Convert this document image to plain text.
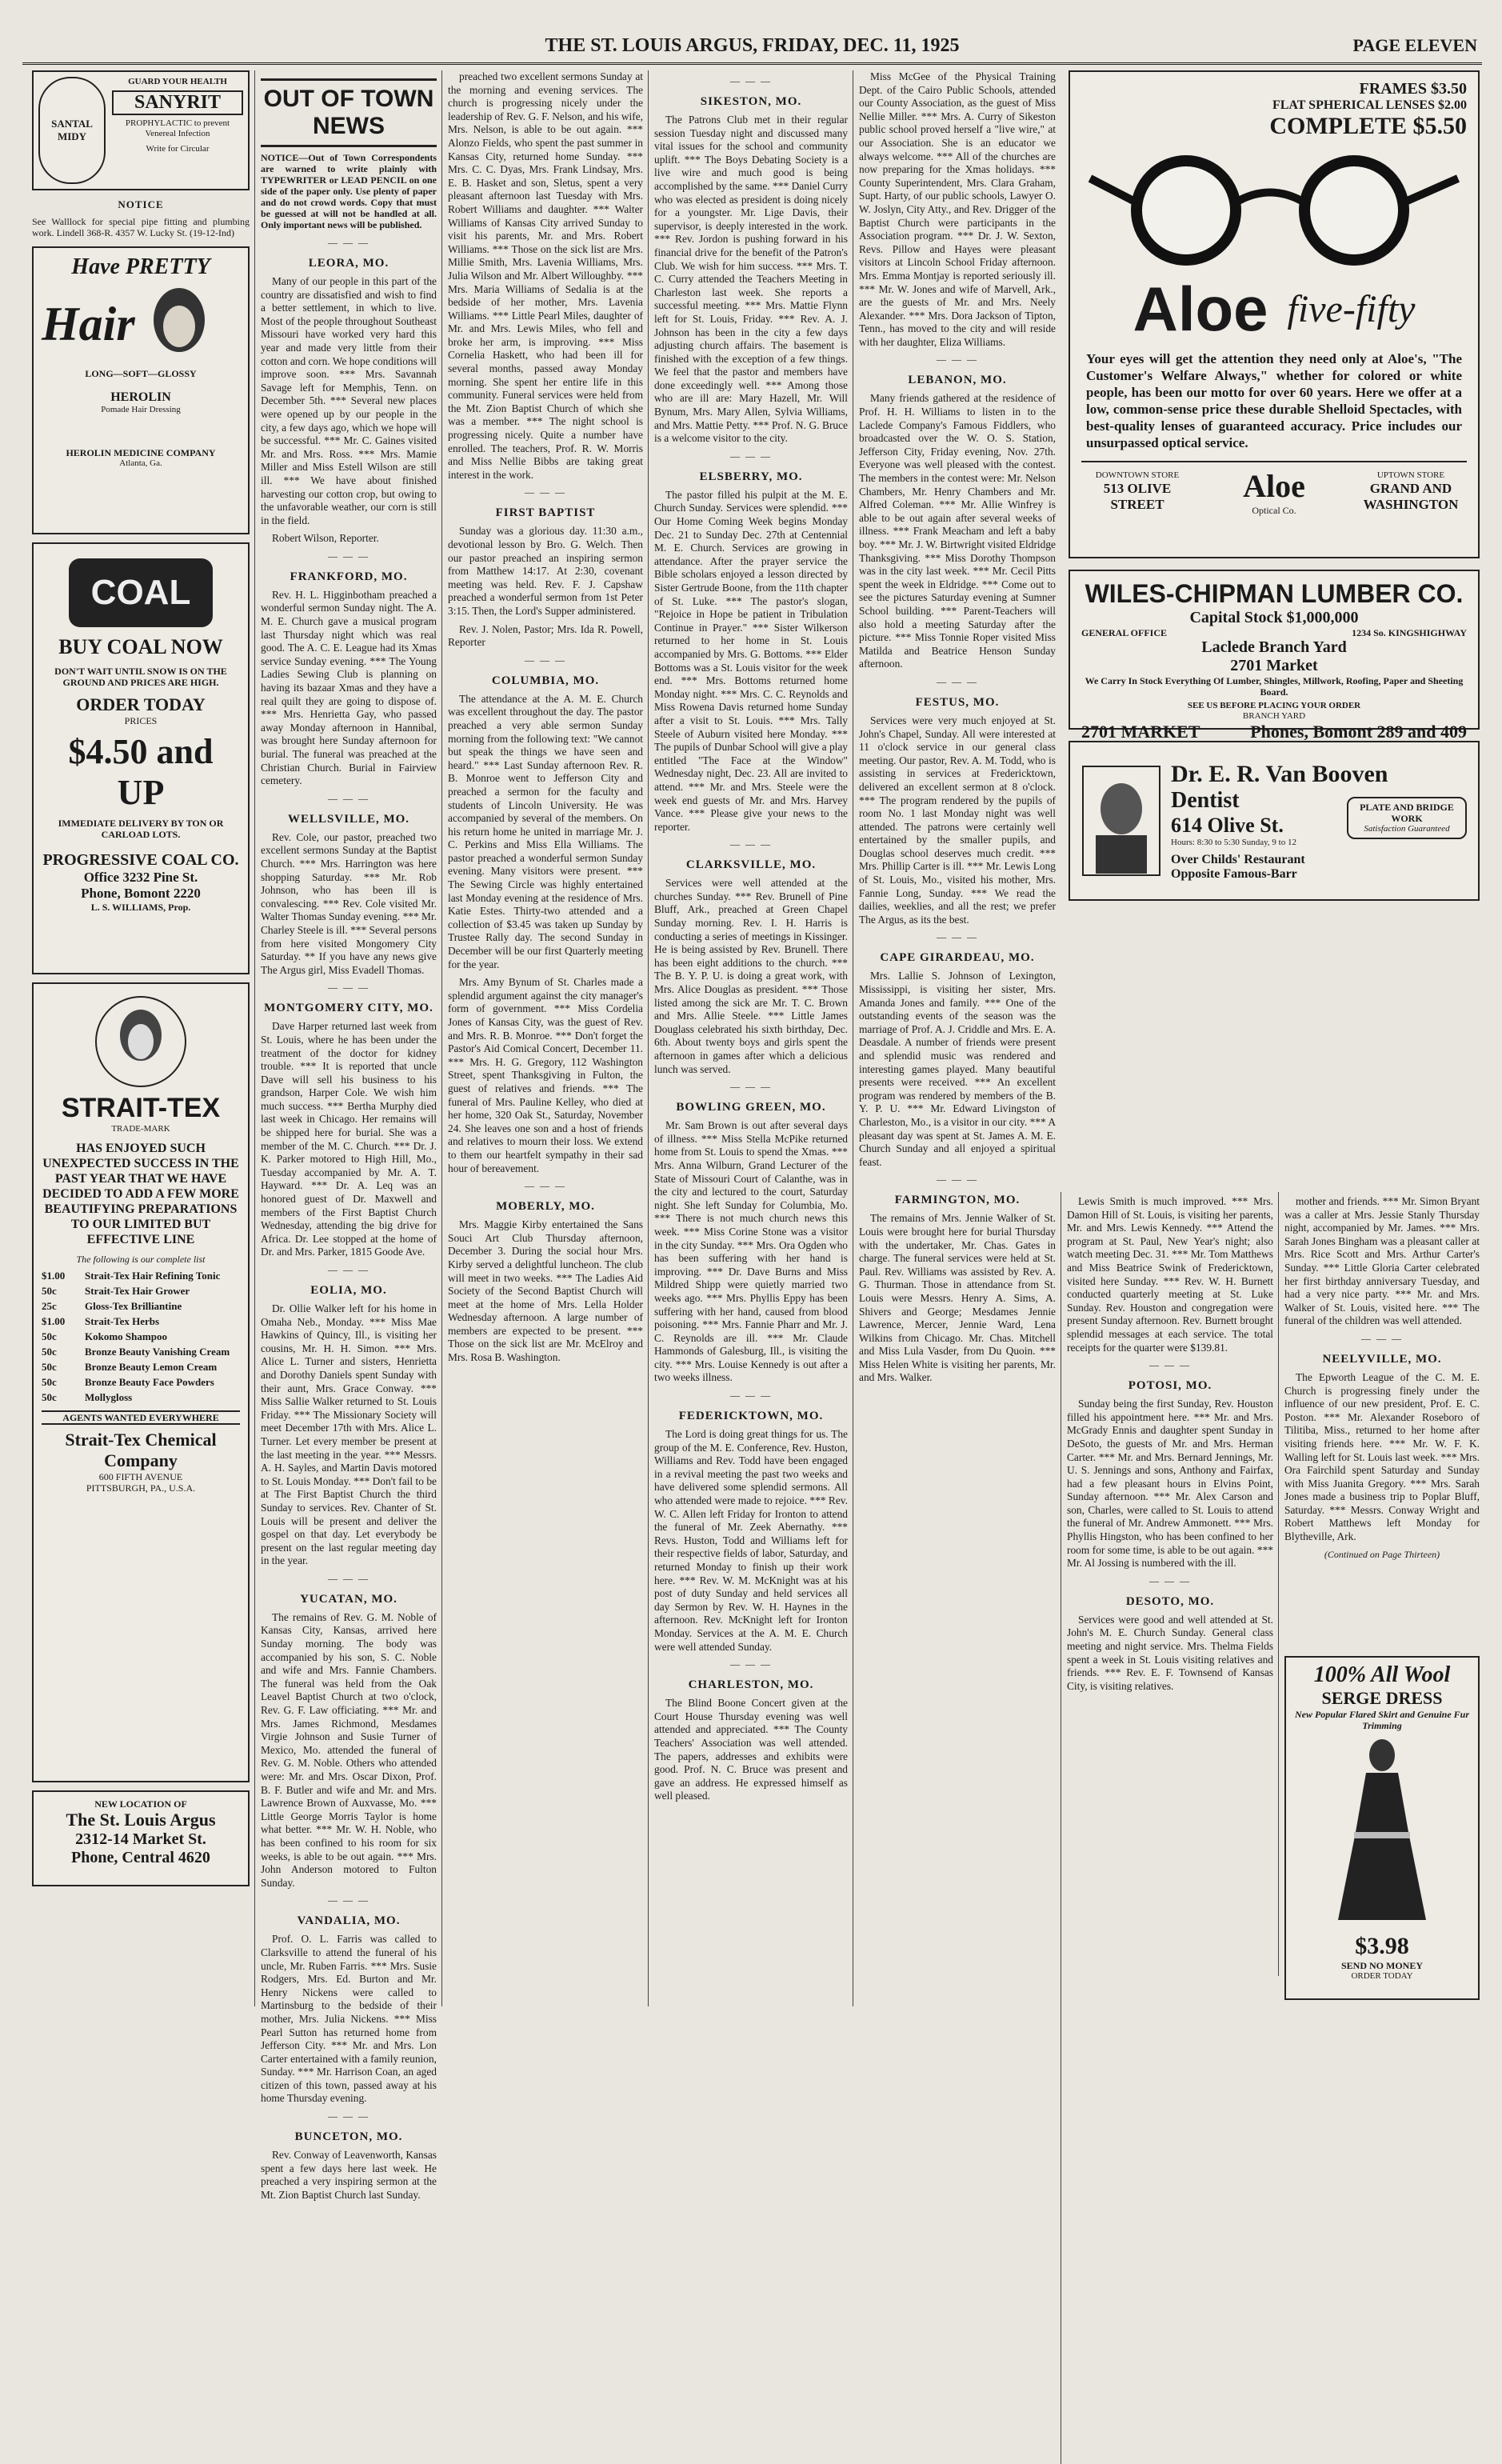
THE ST. LOUIS ARGUS, FRIDAY, DEC. 11, 1925	PAGE ELEVEN
SANTAL MIDY
GUARD YOUR HEALTH
SANYRIT
PROPHYLACTIC to prevent Venereal Infection
Write for Circular
NOTICE
See Walllock for special pipe fitting and plumbing work. Lindell 368-R. 4357 W. Lucky St. (19-12-Ind)
Have PRETTY
Hair
LONG—SOFT—GLOSSY
HEROLIN
Pomade Hair Dressing
HEROLIN MEDICINE COMPANY
Atlanta, Ga.
COAL
BUY COAL NOW
DON'T WAIT UNTIL SNOW IS ON THE GROUND AND PRICES ARE HIGH.
ORDER TODAY
PRICES
$4.50 and UP
IMMEDIATE DELIVERY BY TON OR CARLOAD LOTS.
PROGRESSIVE COAL CO.
Office 3232 Pine St.
Phone, Bomont 2220
L. S. WILLIAMS, Prop.
STRAIT-TEX
TRADE-MARK
HAS ENJOYED SUCH UNEXPECTED SUCCESS IN THE PAST YEAR THAT WE HAVE DECIDED TO ADD A FEW MORE BEAUTIFYING PREPARATIONS TO OUR LIMITED BUT EFFECTIVE LINE
The following is our complete list
$1.00	Strait-Tex Hair Refining Tonic
50c	Strait-Tex Hair Grower
25c	Gloss-Tex Brilliantine
$1.00	Strait-Tex Herbs
50c	Kokomo Shampoo
50c	Bronze Beauty Vanishing Cream
50c	Bronze Beauty Lemon Cream
50c	Bronze Beauty Face Powders
50c	Mollygloss
AGENTS WANTED EVERYWHERE
Strait-Tex Chemical Company
600 FIFTH AVENUE
PITTSBURGH, PA., U.S.A.
NEW LOCATION OF
The St. Louis Argus
2312-14 Market St.
Phone, Central 4620
OUT OF TOWN NEWS
NOTICE—Out of Town Correspondents are warned to write plainly with TYPEWRITER or LEAD PENCIL on one side of the paper only. Use plenty of paper and do not crowd words. Copy that must be guessed at will not be handled at all. Only important news will be published.
— — —
LEORA, MO.

Many of our people in this part of the country are dissatisfied and wish to find a better settlement, in which to live. Most of the people throughout Southeast Missouri have worked very hard this year and made very little from their cotton and corn. We hope conditions will improve soon. *** Mrs. Savannah Savage left for Memphis, Tenn. on December 5th. *** Several new places were opened up by our people in the city, a few days ago, which we hope will be successful. *** Mr. C. Gaines visited Mr. and Mrs. Ross. *** Mrs. Mamie Miller and Miss Estell Wilson are still ill. *** We have about finished harvesting our cotton crop, but owing to the unfavorable weather, our corn is still in the field.

Robert Wilson, Reporter.

— — —
FRANKFORD, MO.

Rev. H. L. Higginbotham preached a wonderful sermon Sunday night. The A. M. E. Church gave a musical program last Thursday night which was real good. The A. C. E. League had its Xmas service Sunday evening. *** The Young Ladies Sewing Club is planning on having its bazaar Xmas and they have a real quilt they are going to dispose of. *** Mrs. Henrietta Gay, who passed away Monday afternoon in Hannibal, was brought here Sunday afternoon for burial. The funeral was preached at the Christian Church. Burial in Fairview cemetery.

— — —
WELLSVILLE, MO.

Rev. Cole, our pastor, preached two excellent sermons Sunday at the Baptist Church. *** Mrs. Harrington was here shopping Saturday. *** Mr. Rob Johnson, who has been ill is convalescing. *** Rev. Cole visited Mr. Walter Thomas Sunday evening. *** Mr. Charley Steele is ill. *** Several persons from here visited Mongomery City Saturday. ** If you have any news give The Argus girl, Miss Evadell Thomas.

— — —
MONTGOMERY CITY, MO.

Dave Harper returned last week from St. Louis, where he has been under the treatment of the doctor for kidney trouble. *** It is reported that uncle Dave will sell his business to his grandson, Harper Cole. We wish him much success. *** Bertha Murphy died last week in Chicago. Her remains will be shipped here for burial. She was a member of the M. C. Church. *** Dr. J. K. Parker motored to High Hill, Mo., Tuesday accompanied by Mr. A. T. Hayward. *** Dr. A. Leq was an honored guest of Dr. Maxwell and members of the First Baptist Church Wednesday, attending the big drive for Africa. Dr. Lee stopped at the home of Dr. and Mrs. Parker, 1815 Goode Ave.

— — —
EOLIA, MO.

Dr. Ollie Walker left for his home in Omaha Neb., Monday. *** Miss Mae Hawkins of Quincy, Ill., is visiting her cousins, Mr. H. H. Simon. *** Mrs. Alice L. Turner and sisters, Henrietta and Dorothy Daniels spent Sunday with their aunt, Mrs. Grace Conway. *** Miss Sallie Walker returned to St. Louis Friday. *** The Missionary Society will meet December 17th with Mrs. Alice L. Turner. Let every member be present at the last meeting in the year. *** Messrs. A. H. Sayles, and Martin Davis motored to St. Louis Monday. *** Don't fail to be at The First Baptist Church the third Sunday to services. Rev. Chanter of St. Louis will be present and deliver the gospel on that day. Let everybody be present on the last regular meeting day in the year.

— — —
YUCATAN, MO.

The remains of Rev. G. M. Noble of Kansas City, Kansas, arrived here Sunday morning. The body was accompanied by his son, S. C. Noble and wife and Mrs. Fannie Chambers. The funeral was held from the Oak Leavel Baptist Church at two o'clock, Rev. G. F. Law officiating. *** Mr. and Mrs. James Richmond, Mesdames Virgie Johnson and Susie Turner of Mexico, Mo. attended the funeral of Rev. G. M. Noble. Others who attended were: Mr. and Mrs. Oscar Dixon, Prof. B. F. Butler and wife and Mr. and Mrs. Lawrence Brown of Auxvasse, Mo. *** Little George Morris Taylor is home what better. *** Mr. W. H. Noble, who has been confined to his room for six weeks, is able to be out again. *** Mrs. John Anderson motored to Fulton Sunday.

— — —
VANDALIA, MO.

Prof. O. L. Farris was called to Clarksville to attend the funeral of his uncle, Mr. Ruben Farris. *** Mrs. Susie Rodgers, Mrs. Ed. Burton and Mr. Henry Nickens were called to Martinsburg to the bedside of their mother, Mrs. Julia Nickens. *** Miss Pearl Sutton has returned home from Jefferson City. *** Mr. and Mrs. Lon Carter entertained with a family reunion, Sunday. *** Mr. Harrison Coan, an aged citizen of this town, passed away at his home Thursday evening.

— — —
BUNCETON, MO.

Rev. Conway of Leavenworth, Kansas spent a few days here last week. He preached a very inspiring sermon at the Mt. Zion Baptist Church last Sunday.

preached two excellent sermons Sunday at the morning and evening services. The church is progressing nicely under the leadership of Rev. G. F. Nelson, and his wife, Mrs. Nelson, is able to be out again. *** Alonzo Fields, who spent the past summer in Kansas City, returned home Sunday. *** Mrs. C. C. Dyas, Mrs. Frank Lindsay, Mrs. E. B. Hasket and son, Sletus, spent a very pleasant afternoon last Tuesday with Mrs. Robert Williams and daughter. *** Walter Williams of Kansas City arrived Sunday to visit his parents, Mr. and Mrs. Robert Williams. *** Those on the sick list are Mrs. Millie Smith, Mrs. Lavenia Williams, Mrs. Julia Wilson and Mr. Albert Willoughby. *** Mrs. Maria Williams of Sedalia is at the bedside of her mother, Mrs. Lavenia Williams. *** Little Pearl Miles, daughter of Mr. and Mrs. Lewis Miles, who fell and broke her arm, is improving. *** Miss Cornelia Haskett, who had been ill for several months, passed away Monday morning. She spent her entire life in this community. Funeral services were held from the Mt. Zion Baptist Church of which she was a member. *** The night school is progressing nicely. Quite a number have enrolled. The teachers, Prof. R. W. Morris and Miss Nellie Bibbs are taking great interest in the work.

— — —
FIRST BAPTIST

Sunday was a glorious day. 11:30 a.m., devotional lesson by Bro. G. Welch. Then our pastor preached an inspiring sermon from Matthew 14:17. At 2:30, covenant meeting was held. Rev. F. J. Capshaw preached a wonderful sermon from 1st Peter 3:15. Then, the Lord's Supper administered.

Rev. J. Nolen, Pastor; Mrs. Ida R. Powell, Reporter

— — —
COLUMBIA, MO.

The attendance at the A. M. E. Church was excellent throughout the day. The pastor preached a very able sermon Sunday morning from the following text: "We cannot but speak the things we have seen and heard." *** Last Sunday afternoon Rev. R. B. Monroe went to Jefferson City and preached a sermon for the faculty and students of Lincoln University. He was accompanied by several of the members. On his return home he united in marriage Mr. J. C. Perkins and Miss Ella Williams. The pastor preached a wonderful sermon Sunday evening. Many visitors were present. *** The Sewing Circle was highly entertained last Monday evening at the residence of Mrs. Katie Estes. Thirty-two attended and a collection of $3.45 was taken up Sunday by Trustee Rally day. The second Sunday in December will be our first Quarterly meeting for the year.

Mrs. Amy Bynum of St. Charles made a splendid argument against the city manager's form of government. *** Miss Cordelia Jones of Kansas City, was the guest of Rev. and Mrs. R. B. Monroe. *** Don't forget the Pastor's Aid Comical Concert, December 11. *** Mrs. H. G. Gregory, 112 Washington Street, spent Thanksgiving in Fulton, the guest of relatives and friends. *** The funeral of Mrs. Pauline Kelley, who died at her home, 320 Oak St., Saturday, November 24. She leaves one son and a host of friends and relatives to mourn their loss. We extend to them our heartfelt sympathy in their sad hour of bereavement.

— — —
MOBERLY, MO.

Mrs. Maggie Kirby entertained the Sans Souci Art Club Thursday afternoon, December 3. During the social hour Mrs. Kirby served a delightful luncheon. The club will meet in two weeks. *** The Ladies Aid Society of the Second Baptist Church will meet at the home of Mrs. Lella Holder Wednesday afternoon. A large number of members are expected to be present. *** Those on the sick list are Mr. McElroy and Mrs. Rosa B. Washington.

— — —
SIKESTON, MO.

The Patrons Club met in their regular session Tuesday night and discussed many vital issues for the school and community uplift. *** The Boys Debating Society is a live wire and much good is being accomplished by the same. *** Daniel Curry who was elected as president is doing nicely for a youngster. Mr. Lige Davis, their supervisor, is deeply interested in the work. *** Rev. Jordon is pushing forward in his financial drive for the benefit of the Patron's Club. We wish for him success. *** Mrs. T. C. Curry attended the Teachers Meeting in Charleston last week. She reports a successful meeting. *** Mrs. Mattie Flynn left for St. Louis, Friday. *** Rev. A. J. Johnson has been in the city a few days adjusting church affairs. The basement is finished with the exception of a few things. We feel that the pastor and members have done exceedingly well. *** Among those who are ill are: Mary Hazell, Mr. Will Bynum, Mrs. Mary Allen, Sylvia Williams, and Mrs. Mattie Petty. *** Prof. N. G. Bruce is a welcome visitor to the city.

— — —
ELSBERRY, MO.

The pastor filled his pulpit at the M. E. Church Sunday. Services were splendid. *** Our Home Coming Week begins Monday Dec. 21 to Sunday Dec. 27th at Centennial M. E. Church. Services are growing in attendance. After the prayer service the Bible scholars enjoyed a lesson directed by Sister Gertrude Boone, from the 11th chapter of St. Luke. *** The pastor's slogan, "Rejoice in Hope be patient in Tribulation Continue in Prayer." *** Sister Wilkerson returned to her home in St. Louis accompanied by Mrs. G. Bottoms. *** Elder Bottoms was a St. Louis visitor for the week end. *** Mrs. Bottoms returned home Monday night. *** Mrs. C. C. Reynolds and Miss Rowena Davis returned home Sunday after a visit to St. Louis. *** Mrs. Tally Steele of Auburn visited here Monday. *** The pupils of Dunbar School will give a play entitled "The Face at the Window" Wednesday night, Dec. 23. All are invited to attend. *** Mr. and Mrs. Steele were the week end guests of Mr. and Mrs. Harvey Vance. *** Please give your news to the reporter.

— — —
CLARKSVILLE, MO.

Services were well attended at the churches Sunday. *** Rev. Brunell of Pine Bluff, Ark., preached at Green Chapel Sunday morning. Rev. I. H. Harris is conducting a series of meetings in Kissinger. He is being assisted by Rev. Brunell. There has been eight additions to the church. *** The B. Y. P. U. is doing a great work, with Mrs. Alice Douglas as president. *** Those listed among the sick are Mr. T. C. Brown and Mrs. Allie Steele. *** Little James Douglass celebrated his sixth birthday, Dec. 6th. About twenty boys and girls spent the afternoon in games after which a delicious lunch was served.

— — —
BOWLING GREEN, MO.

Mr. Sam Brown is out after several days of illness. *** Miss Stella McPike returned home from St. Louis to spend the Xmas. *** Mrs. Anna Wilburn, Grand Lecturer of the State of Missouri Court of Calanthe, was in the city and lectured to the court, Saturday night. She left Sunday for Columbia, Mo. *** There is not much church news this week. *** Miss Corine Stone was a visitor in the city Sunday. *** Mrs. Ora Ogden who has been suffering with her hand is improving. *** Dr. Dave Burns and Miss Mildred Shipp were quietly married two weeks ago. *** Mrs. Phyllis Eppy has been suffering with her hand, caused from blood poisoning. *** Mrs. Fannie Pharr and Mr. J. C. Reynolds are ill. *** Mr. Claude Hammonds of Galesburg, Ill., is visiting the city. *** Mrs. Louise Kennedy is out after a two weeks illness.

— — —
FEDERICKTOWN, MO.

The Lord is doing great things for us. The group of the M. E. Conference, Rev. Huston, Williams and Rev. Todd have been engaged in a revival meeting the past two weeks and have delivered some splendid sermons. All who attended were made to rejoice. *** Rev. W. C. Allen left Friday for Ironton to attend the funeral of Mr. Zeek Abernathy. *** Revs. Huston, Todd and Williams left for their respective fields of labor, Saturday, and returned Monday to finish up their work here. *** Rev. W. M. McKnight was at his post of duty Sunday and held services all day Sermon by Rev. W. H. Haynes in the afternoon. Rev. McKnight left for Ironton Monday. Services at the A. M. E. Church were well attended Sunday.

— — —
CHARLESTON, MO.

The Blind Boone Concert given at the Court House Thursday evening was well attended and appreciated. *** The County Teachers' Association was well attended. The papers, addresses and exhibits were good. Prof. N. C. Bruce was present and gave an address. He expressed himself as well pleased.

Miss McGee of the Physical Training Dept. of the Cairo Public Schools, attended our County Association, as the guest of Miss Nellie Miller. *** Mrs. A. Curry of Sikeston public school proved herself a "live wire," at our Association. She is an educator we always welcome. *** All of the churches are now preparing for the Xmas holidays. *** County Superintendent, Mrs. Clara Graham, Supt. Harty, of our public schools, Lawyer O. W. Joslyn, City Atty., and Rev. Drigger of the Baptist Church were participants in the Association program. *** Dr. J. W. Sexton, Revs. Pillow and Hayes were pleasant visitors at Lincoln School Friday afternoon. Mrs. Emma Montjay is reported seriously ill. *** Mr. W. Jones and wife of Marvell, Ark., are the guests of Mr. and Mrs. Neely Alexander. *** Mrs. Dora Jackson of Tipton, Tenn., has moved to the city and will reside with her daughter, Eliza Williams.

— — —
LEBANON, MO.

Many friends gathered at the residence of Prof. H. H. Williams to listen in to the Laclede Company's Famous Fiddlers, who broadcasted over the W. O. S. Station, Jefferson City, Friday evening, Nov. 27th. Everyone was well pleased with the contest. The members in the contest were: Mr. Nelson Chambers, Mr. Henry Chambers and Mr. Alfred Coleman. *** Mr. Allie Winfrey is able to be out again after several weeks of illness. *** Frank Meacham and left a baby boy. *** Mr. J. W. Birtwright visited Eldridge Thanksgiving. *** Miss Dorothy Thompson was in the city last week. *** Mr. Cecil Pitts spent the week in Eldridge. *** Come out to see the pictures Saturday evening at Sumner School building. *** Parent-Teachers will also hold a meeting Saturday after the picture. *** Miss Tonnie Roper visited Miss Matilda and Beatrice Henson Sunday afternoon.

— — —
FESTUS, MO.

Services were very much enjoyed at St. John's Chapel, Sunday. All were interested at 11 o'clock service in our general class meeting. Our pastor, Rev. A. M. Todd, who is assisting in services at Fredericktown, delivered an excellent sermon at 8 o'clock. *** The program rendered by the pupils of room No. 1 last Monday night was well attended. The patrons were certainly well entertained by the smaller pupils, and Douglas school deserves much credit. *** Mrs. Phillip Carter is ill. *** Mr. Lewis Long of St. Louis, Mo., visited his mother, Mrs. Fannie Long, Sunday. *** We read the dailies, weeklies, and all the rest; we prefer The Argus, as its the best.

— — —
CAPE GIRARDEAU, MO.

Mrs. Lallie S. Johnson of Lexington, Mississippi, is visiting her sister, Mrs. Amanda Jones and family. *** One of the outstanding events of the season was the marriage of Prof. A. J. Criddle and Mrs. E. A. Deasdale. A number of friends were present and splendid music was rendered and interesting games played. Many beautiful presents were received. *** An excellent program was rendered by members of the B. Y. P. U. *** Mr. Edward Livingston of Charleston, Mo., is a visitor in our city. *** A pleasant day was spent at St. James A. M. E. Church Sunday and all enjoyed a spiritual feast.

— — —
FARMINGTON, MO.

The remains of Mrs. Jennie Walker of St. Louis were brought here for burial Thursday with the undertaker, Mr. Chas. Gates in charge. The funeral services were held at St. Paul. Rev. Williams was assisted by Rev. A. G. Thurman. Those in attendance from St. Louis were Messrs. Henry A. Sims, A. Shivers and George; Mesdames Jennie Lawrence, Mercer, Jennie Ward, Lena Wilkins from Chicago. Mr. Chas. Mitchell and Miss Lula Vasder, from Du Quoin. *** Miss Helen White is visiting her parents, Mr. and Mrs. Walker.

FRAMES $3.50
FLAT SPHERICAL LENSES $2.00
COMPLETE $5.50
Aloe five-fifty
Your eyes will get the attention they need only at Aloe's, "The Customer's Welfare Always," whether for colored or white people, has been our motto for over 60 years. Here we offer at a low, common-sense price these durable Shelloid Spectacles, with best-quality lenses of guaranteed accuracy. Price includes our unsurpassed optical service.
DOWNTOWN STORE
513 OLIVE STREET
Aloe
Optical Co.
UPTOWN STORE
GRAND AND WASHINGTON
WILES-CHIPMAN LUMBER CO.
Capital Stock $1,000,000
GENERAL OFFICE	1234 So. KINGSHIGHWAY
Laclede Branch Yard
2701 Market
We Carry In Stock Everything Of Lumber, Shingles, Millwork, Roofing, Paper and Sheeting Board.
SEE US BEFORE PLACING YOUR ORDER
BRANCH YARD
2701 MARKET	Phones, Bomont 289 and 409
Dr. E. R. Van Booven
Dentist
614 Olive St.
Hours: 8:30 to 5:30 Sunday, 9 to 12
PLATE AND BRIDGE WORK
Satisfaction Guaranteed
Over Childs' Restaurant
Opposite Famous-Barr

Lewis Smith is much improved. *** Mrs. Damon Hill of St. Louis, is visiting her parents, Mr. and Mrs. Lewis Kennedy. *** Attend the program at St. Paul, New Year's night; also watch meeting Dec. 31. *** Mr. Tom Matthews and Miss Beatrice Swink of Fredericktown, visited here Sunday. *** Rev. W. H. Burnett conducted quarterly meeting at St. Luke Sunday. Rev. Houston and congregation were present Sunday afternoon. Rev. Burnett brought splendid messages at each service. The total receipts for the quarter were $139.81.

— — —
POTOSI, MO.

Sunday being the first Sunday, Rev. Houston filled his appointment here. *** Mr. and Mrs. McGrady Ennis and daughter spent Sunday in DeSoto, the guests of Mr. and Mrs. Herman Carter. *** Mr. and Mrs. Bernard Jennings, Mr. U. S. Jennings and sons, Anthony and Fairfax, had a few pleasant hours in Elvins Point, Sunday afternoon. *** Mr. Alex Carson and son, Charles, were called to St. Louis to attend the funeral of Mr. Andrew Ammonett. *** Mrs. Phyllis Hingston, who has been confined to her room for some time, is able to be out again. *** Mr. Al Jossing is numbered with the ill.

— — —
DESOTO, MO.

Services were good and well attended at St. John's M. E. Church Sunday. General class meeting and night service. Mrs. Thelma Fields spent a week in St. Louis visiting relatives and friends. *** Rev. E. F. Townsend of Kansas City, is visiting relatives.

mother and friends. *** Mr. Simon Bryant was a caller at Mrs. Jessie Stanly Thursday night, accompanied by Mr. James. *** Mrs. Sarah Jones Bingham was a pleasant caller at Mrs. Rice Scott and Mrs. Arthur Carter's Sunday. *** Little Gloria Carter celebrated her first birthday anniversary Tuesday, and had a very nice party. *** Mr. and Mrs. Walker of St. Louis, visited here. *** The funeral of the children was well attended.

— — —
NEELYVILLE, MO.

The Epworth League of the C. M. E. Church is progressing finely under the influence of our new president, Prof. E. C. Poston. *** Mr. Alexander Roseboro of Tilitiba, Miss., returned to her home after visiting friends here. *** Mr. W. F. K. Walling left for St. Louis last week. *** Mrs. Ora Fairchild spent Saturday and Sunday with Miss Juanita Gregory. *** Mrs. Sarah Jones made a business trip to Poplar Bluff, Saturday. *** Messrs. Conway Wright and Robert Matthews left Monday for Blytheville, Ark.

(Continued on Page Thirteen)
100% All Wool
SERGE DRESS
New Popular Flared Skirt and Genuine Fur Trimming
$3.98
SEND NO MONEY
ORDER TODAY
